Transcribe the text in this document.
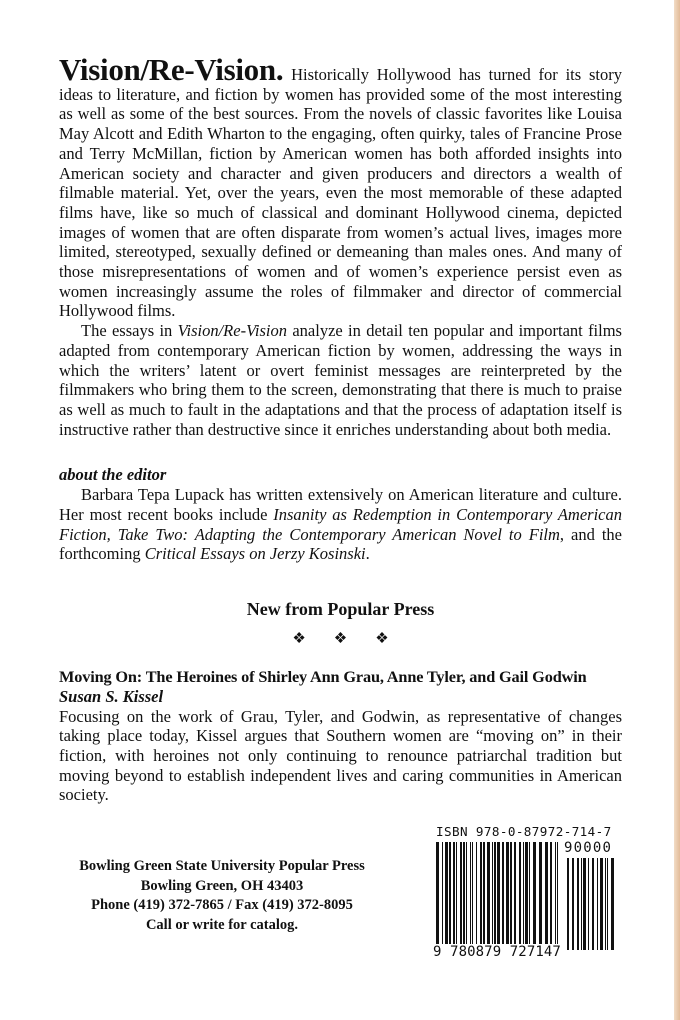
Vision/Re-Vision. Historically Hollywood has turned for its story ideas to literature, and fiction by women has provided some of the most interesting as well as some of the best sources. From the novels of classic favorites like Louisa May Alcott and Edith Wharton to the engaging, often quirky, tales of Francine Prose and Terry McMillan, fiction by American women has both afforded insights into American society and character and given producers and directors a wealth of filmable material. Yet, over the years, even the most memorable of these adapted films have, like so much of classical and dominant Hollywood cinema, depicted images of women that are often disparate from women’s actual lives, images more limited, stereotyped, sexually defined or demeaning than males ones. And many of those misrepresentations of women and of women’s experience persist even as women increasingly assume the roles of filmmaker and director of commercial Hollywood films.

The essays in Vision/Re-Vision analyze in detail ten popular and important films adapted from contemporary American fiction by women, addressing the ways in which the writers’ latent or overt feminist messages are reinterpreted by the filmmakers who bring them to the screen, demonstrating that there is much to praise as well as much to fault in the adaptations and that the process of adaptation itself is instructive rather than destructive since it enriches understanding about both media.

about the editor

Barbara Tepa Lupack has written extensively on American literature and culture. Her most recent books include Insanity as Redemption in Contemporary American Fiction, Take Two: Adapting the Contemporary American Novel to Film, and the forthcoming Critical Essays on Jerzy Kosinski.

New from Popular Press
❖ ❖ ❖
Moving On: The Heroines of Shirley Ann Grau, Anne Tyler, and Gail Godwin
Susan S. Kissel

Focusing on the work of Grau, Tyler, and Godwin, as representative of changes taking place today, Kissel argues that Southern women are “moving on” in their fiction, with heroines not only continuing to renounce patriarchal tradition but moving beyond to establish independent lives and caring communities in American society.

Bowling Green State University Popular Press
Bowling Green, OH 43403
Phone (419) 372-7865 / Fax (419) 372-8095
Call or write for catalog.
ISBN 978-0-87972-714-7
90000
9 780879 727147
